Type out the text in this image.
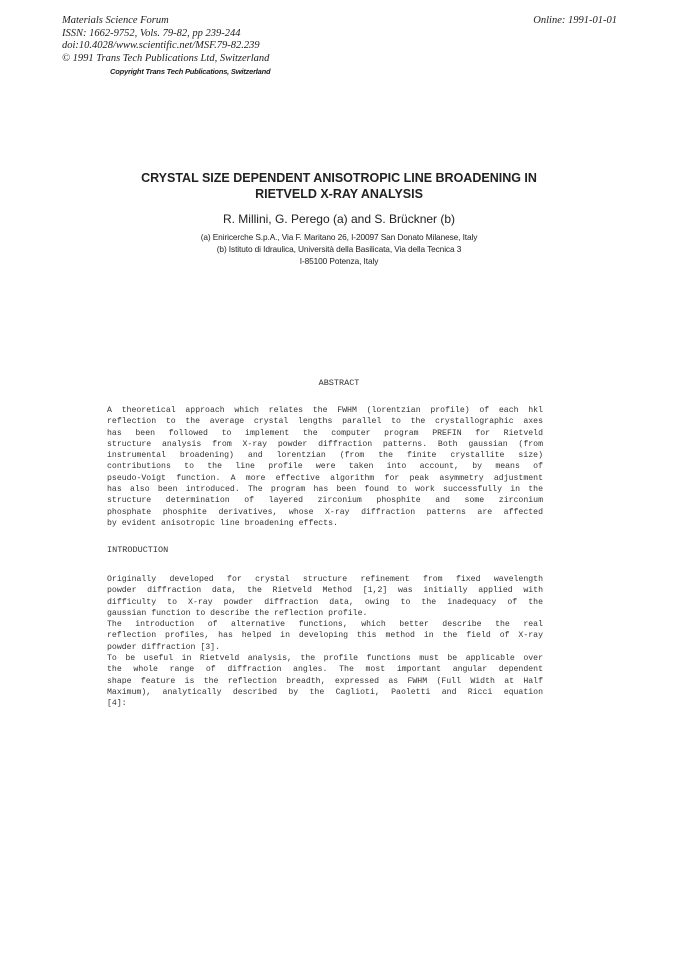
Materials Science Forum
ISSN: 1662-9752, Vols. 79-82, pp 239-244
doi:10.4028/www.scientific.net/MSF.79-82.239
© 1991 Trans Tech Publications Ltd, Switzerland
Online: 1991-01-01
Copyright Trans Tech Publications, Switzerland
CRYSTAL SIZE DEPENDENT ANISOTROPIC LINE BROADENING IN
RIETVELD X-RAY ANALYSIS
R. Millini, G. Perego (a) and S. Brückner (b)
(a) Eniricerche S.p.A., Via F. Maritano 26, I-20097 San Donato Milanese, Italy
(b) Istituto di Idraulica, Università della Basilicata, Via della Tecnica 3
I-85100 Potenza, Italy
ABSTRACT
A theoretical approach which relates the FWHM (lorentzian profile) of each hkl
reflection to the average crystal lengths parallel to the crystallographic axes
has been followed to implement the computer program PREFIN for Rietveld
structure analysis from X-ray powder diffraction patterns. Both gaussian (from
instrumental broadening) and lorentzian (from the finite crystallite size)
contributions to the line profile were taken into account, by means of
pseudo-Voigt function. A more effective algorithm for peak asymmetry adjustment
has also been introduced. The program has been found to work successfully in the
structure determination of layered zirconium phosphite and some zirconium
phosphate phosphite derivatives, whose X-ray diffraction patterns are affected
by evident anisotropic line broadening effects.
INTRODUCTION
Originally developed for crystal structure refinement from fixed wavelength
powder diffraction data, the Rietveld Method [1,2] was initially applied with
difficulty to X-ray powder diffraction data, owing to the inadequacy of the
gaussian function to describe the reflection profile.
The introduction of alternative functions, which better describe the real
reflection profiles, has helped in developing this method in the field of X-ray
powder diffraction [3].
To be useful in Rietveld analysis, the profile functions must be applicable over
the whole range of diffraction angles. The most important angular dependent
shape feature is the reflection breadth, expressed as FWHM (Full Width at Half
Maximum), analytically described by the Caglioti, Paoletti and Ricci equation
[4]:
